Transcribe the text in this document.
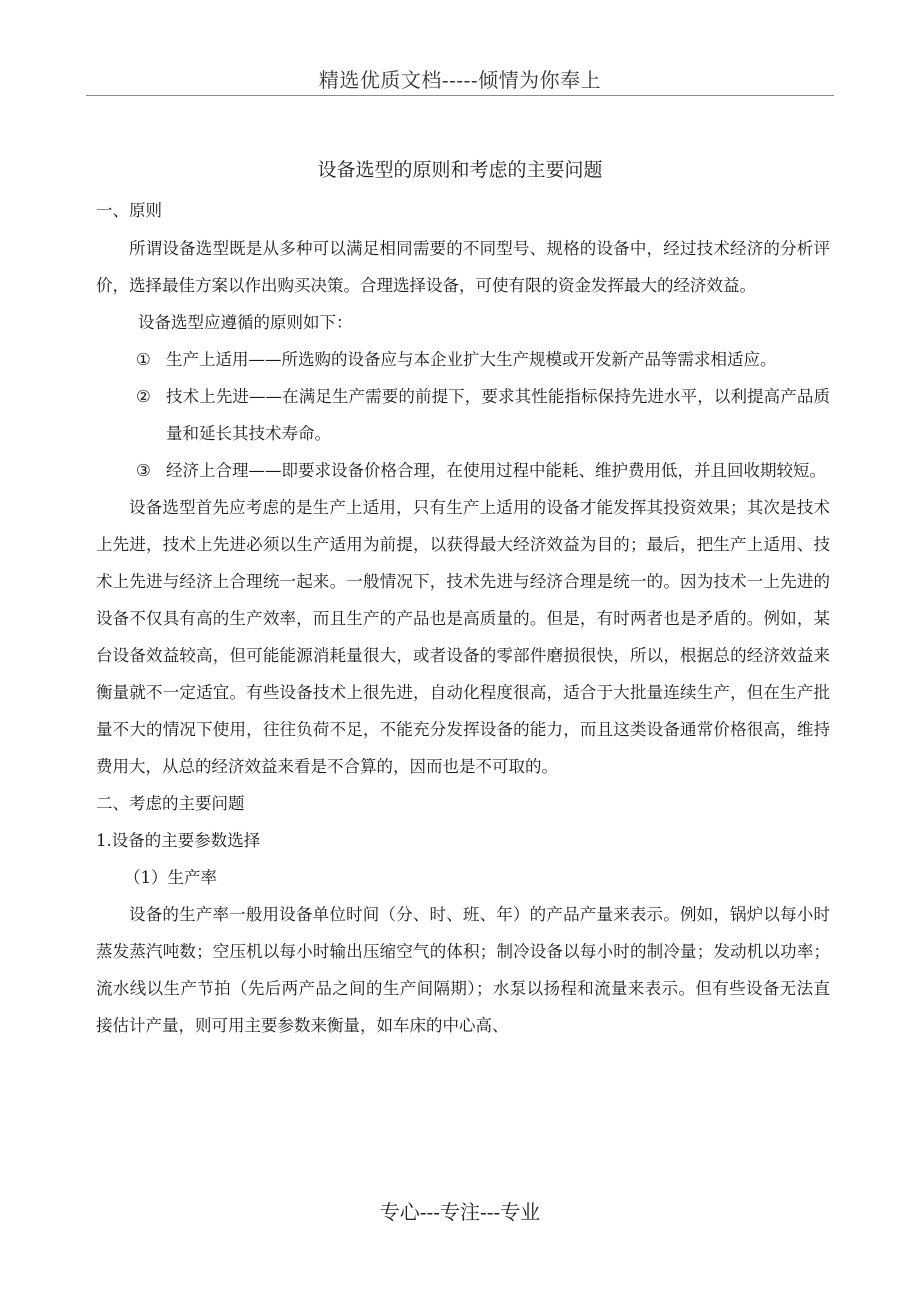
精选优质文档-----倾情为你奉上
设备选型的原则和考虑的主要问题

一、原则

所谓设备选型既是从多种可以满足相同需要的不同型号、规格的设备中，经过技术经济的分析评价，选择最佳方案以作出购买决策。合理选择设备，可使有限的资金发挥最大的经济效益。

设备选型应遵循的原则如下：

① 生产上适用——所选购的设备应与本企业扩大生产规模或开发新产品等需求相适应。
② 技术上先进——在满足生产需要的前提下，要求其性能指标保持先进水平，以利提高产品质量和延长其技术寿命。
③ 经济上合理——即要求设备价格合理，在使用过程中能耗、维护费用低，并且回收期较短。

设备选型首先应考虑的是生产上适用，只有生产上适用的设备才能发挥其投资效果；其次是技术上先进，技术上先进必须以生产适用为前提，以获得最大经济效益为目的；最后，把生产上适用、技术上先进与经济上合理统一起来。一般情况下，技术先进与经济合理是统一的。因为技术一上先进的设备不仅具有高的生产效率，而且生产的产品也是高质量的。但是，有时两者也是矛盾的。例如，某台设备效益较高，但可能能源消耗量很大，或者设备的零部件磨损很快，所以，根据总的经济效益来衡量就不一定适宜。有些设备技术上很先进，自动化程度很高，适合于大批量连续生产，但在生产批量不大的情况下使用，往往负荷不足，不能充分发挥设备的能力，而且这类设备通常价格很高，维持费用大，从总的经济效益来看是不合算的，因而也是不可取的。

二、考虑的主要问题

1.设备的主要参数选择

（1）生产率

设备的生产率一般用设备单位时间（分、时、班、年）的产品产量来表示。例如，锅炉以每小时蒸发蒸汽吨数；空压机以每小时输出压缩空气的体积；制冷设备以每小时的制冷量；发动机以功率；流水线以生产节拍（先后两产品之间的生产间隔期）；水泵以扬程和流量来表示。但有些设备无法直接估计产量，则可用主要参数来衡量，如车床的中心高、

专心---专注---专业
